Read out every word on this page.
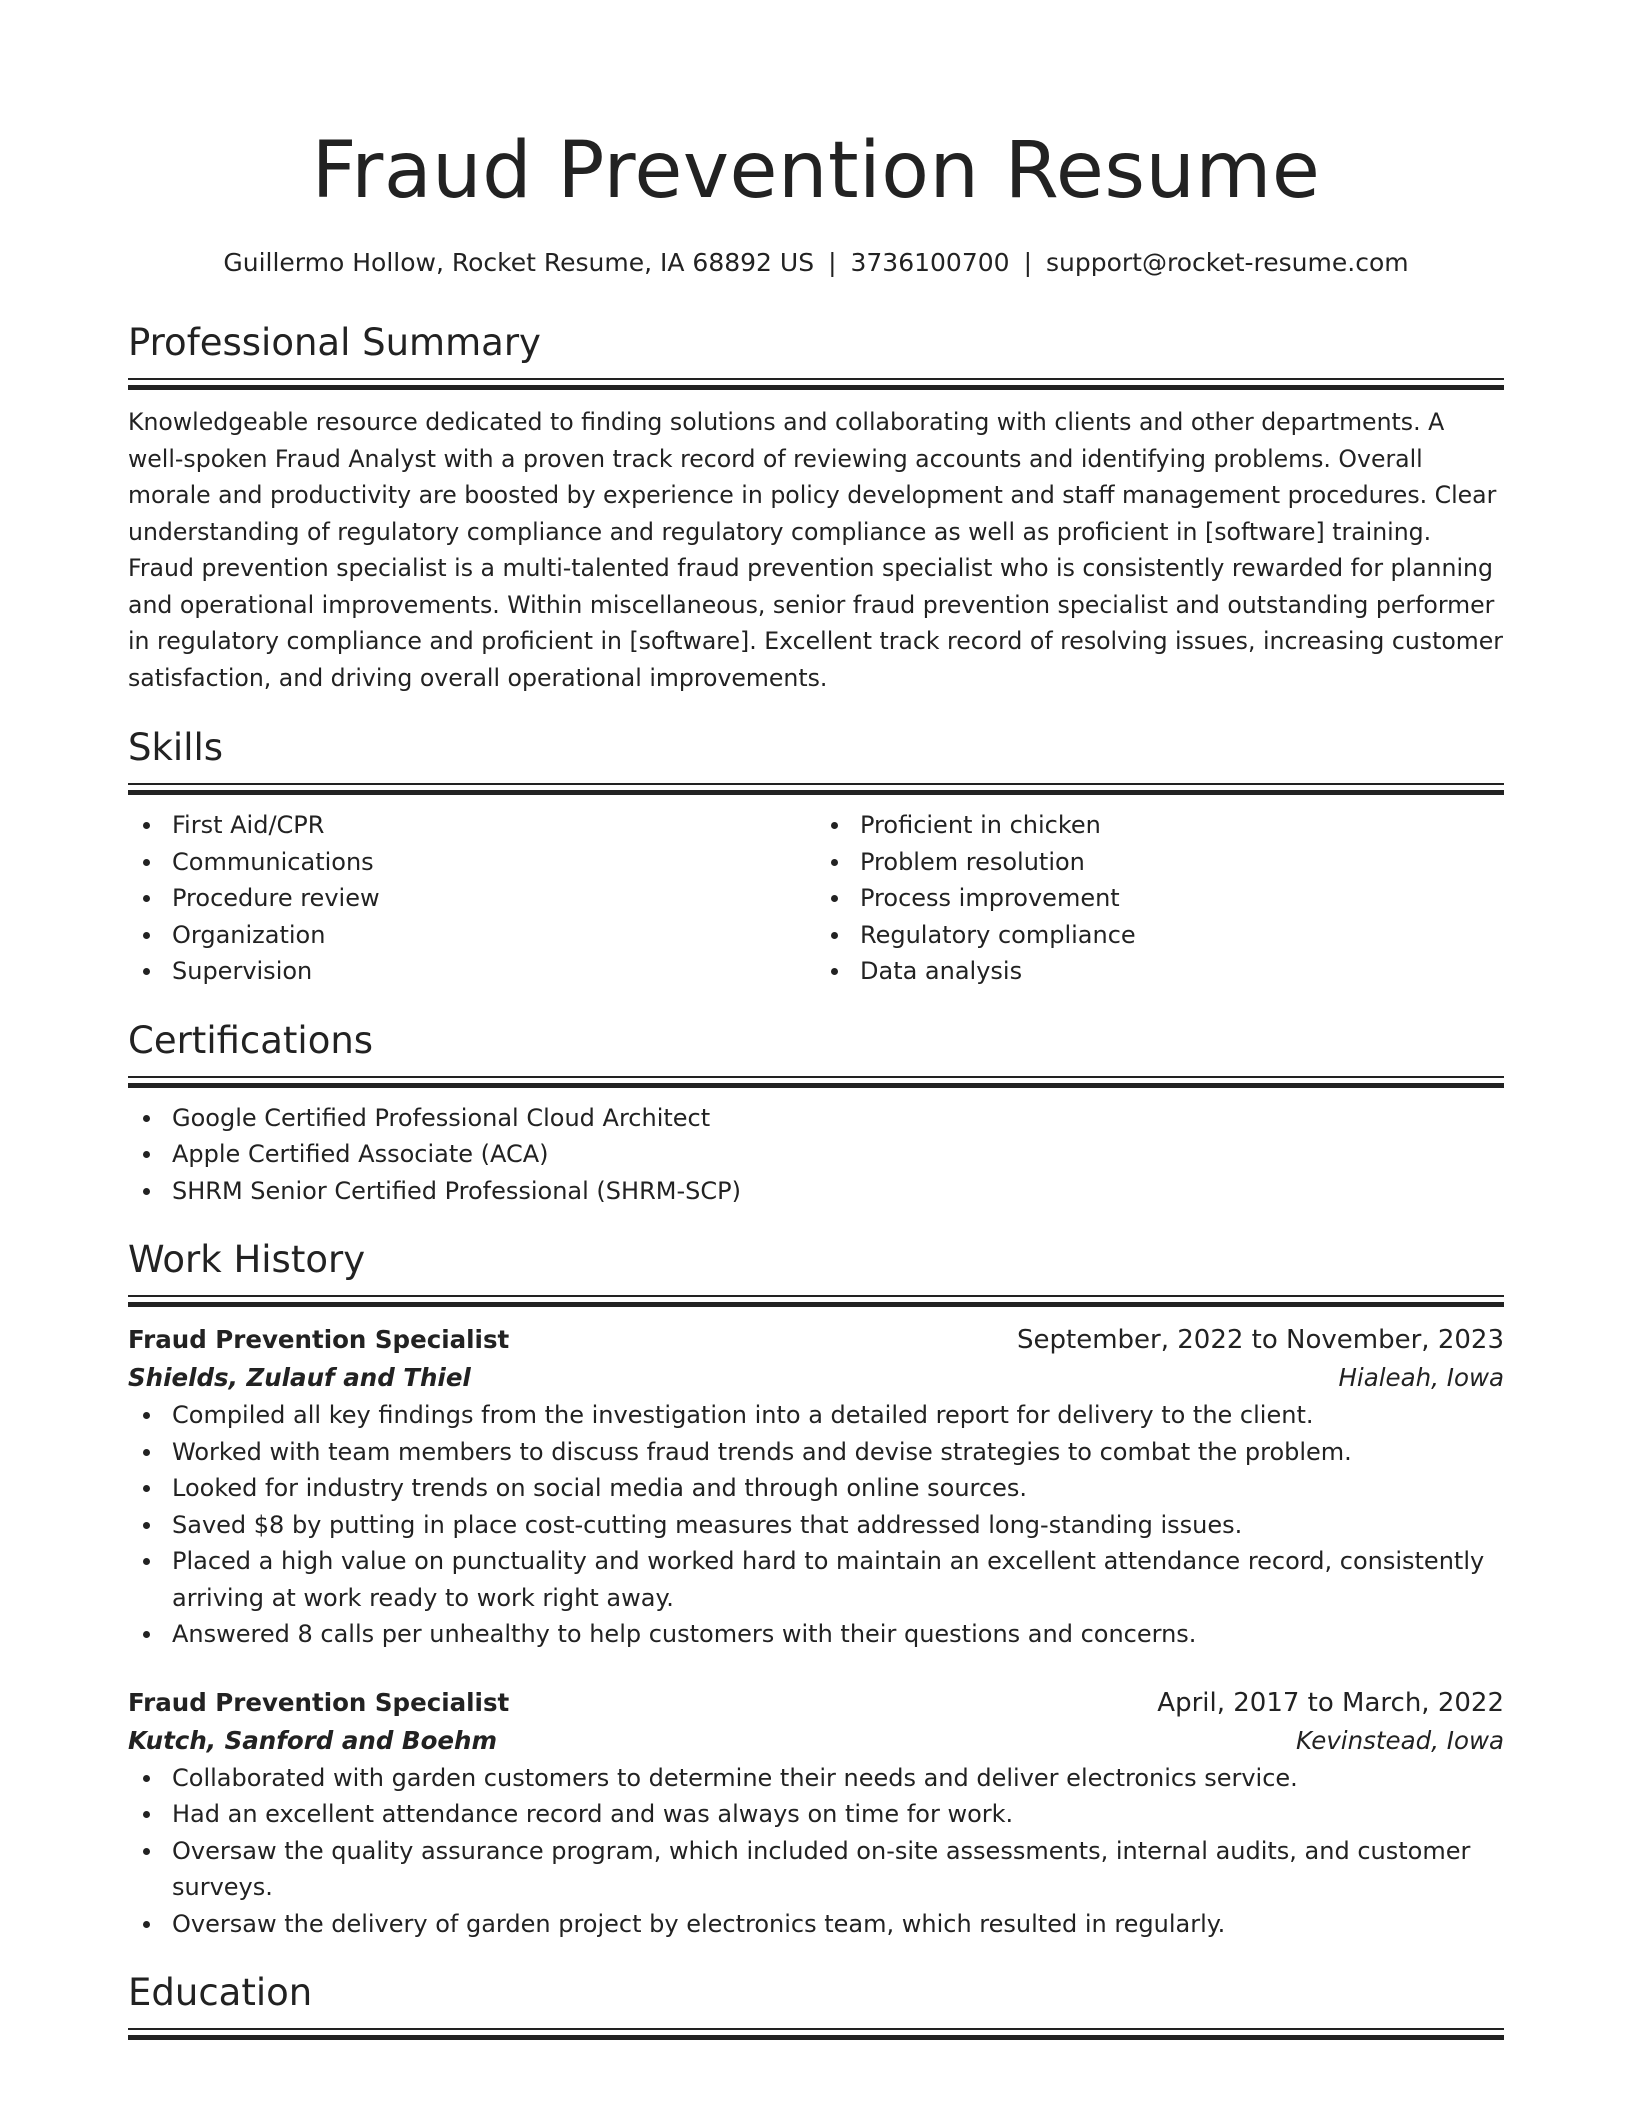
Fraud Prevention Resume
Guillermo Hollow, Rocket Resume, IA 68892 US | 3736100700 | support@rocket-resume.com
Professional Summary

Knowledgeable resource dedicated to finding solutions and collaborating with clients and other departments. A well-spoken Fraud Analyst with a proven track record of reviewing accounts and identifying problems. Overall morale and productivity are boosted by experience in policy development and staff management procedures. Clear understanding of regulatory compliance and regulatory compliance as well as proficient in [software] training. Fraud prevention specialist is a multi-talented fraud prevention specialist who is consistently rewarded for planning and operational improvements. Within miscellaneous, senior fraud prevention specialist and outstanding performer in regulatory compliance and proficient in [software]. Excellent track record of resolving issues, increasing customer satisfaction, and driving overall operational improvements.

Skills
First Aid/CPR
Communications
Procedure review
Organization
Supervision
Proficient in chicken
Problem resolution
Process improvement
Regulatory compliance
Data analysis
Certifications
Google Certified Professional Cloud Architect
Apple Certified Associate (ACA)
SHRM Senior Certified Professional (SHRM-SCP)
Work History
Fraud Prevention Specialist	September, 2022 to November, 2023
Shields, Zulauf and Thiel	Hialeah, Iowa
Compiled all key findings from the investigation into a detailed report for delivery to the client.
Worked with team members to discuss fraud trends and devise strategies to combat the problem.
Looked for industry trends on social media and through online sources.
Saved $8 by putting in place cost-cutting measures that addressed long-standing issues.
Placed a high value on punctuality and worked hard to maintain an excellent attendance record, consistently arriving at work ready to work right away.
Answered 8 calls per unhealthy to help customers with their questions and concerns.
Fraud Prevention Specialist	April, 2017 to March, 2022
Kutch, Sanford and Boehm	Kevinstead, Iowa
Collaborated with garden customers to determine their needs and deliver electronics service.
Had an excellent attendance record and was always on time for work.
Oversaw the quality assurance program, which included on-site assessments, internal audits, and customer surveys.
Oversaw the delivery of garden project by electronics team, which resulted in regularly.
Education
